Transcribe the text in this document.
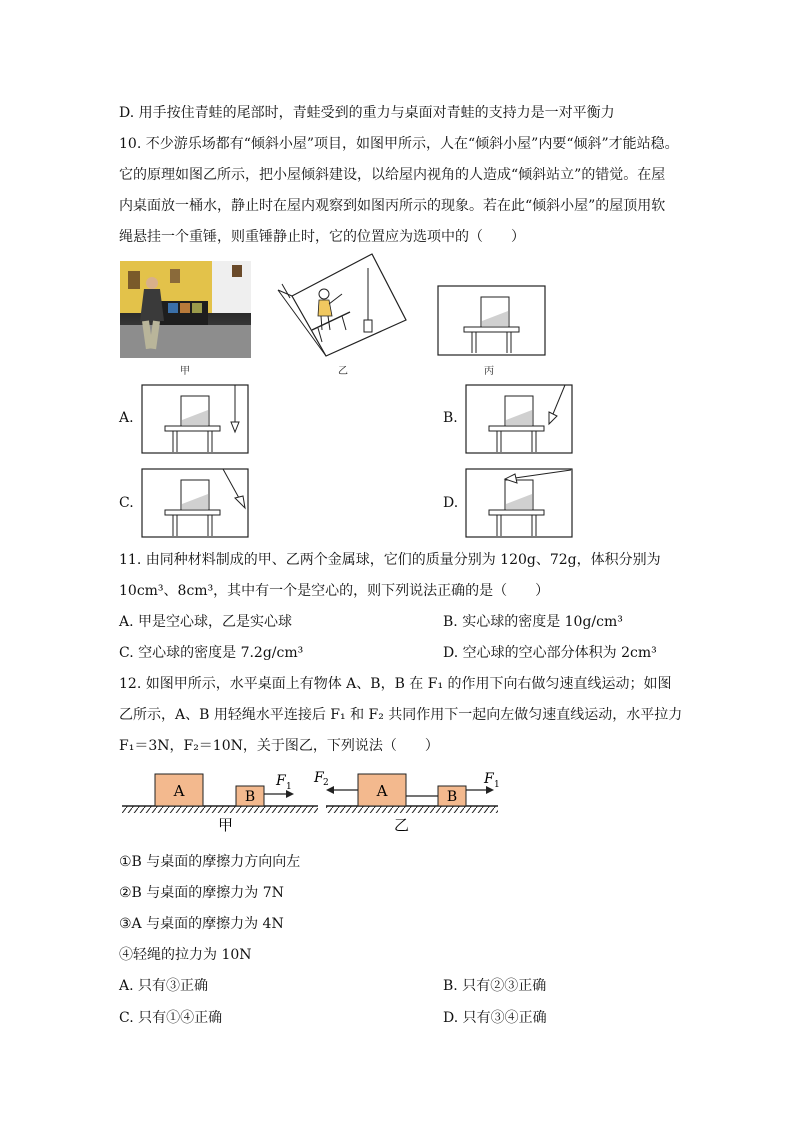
D. 用手按住青蛙的尾部时，青蛙受到的重力与桌面对青蛙的支持力是一对平衡力
10. 不少游乐场都有“倾斜小屋”项目，如图甲所示，人在“倾斜小屋”内要“倾斜”才能站稳。
它的原理如图乙所示，把小屋倾斜建设，以给屋内视角的人造成“倾斜站立”的错觉。在屋
内桌面放一桶水，静止时在屋内观察到如图丙所示的现象。若在此“倾斜小屋”的屋顶用软
绳悬挂一个重锤，则重锤静止时，它的位置应为选项中的（　　）
甲	乙	丙
A.	B.
C.	D.
11. 由同种材料制成的甲、乙两个金属球，它们的质量分别为 120g、72g，体积分别为
10cm³、8cm³，其中有一个是空心的，则下列说法正确的是（　　）
A. 甲是空心球，乙是实心球	B. 实心球的密度是 10g/cm³
C. 空心球的密度是 7.2g/cm³	D. 空心球的空心部分体积为 2cm³
12. 如图甲所示，水平桌面上有物体 A、B，B 在 F₁ 的作用下向右做匀速直线运动；如图
乙所示，A、B 用轻绳水平连接后 F₁ 和 F₂ 共同作用下一起向左做匀速直线运动，水平拉力
F₁＝3N，F₂＝10N，关于图乙，下列说法（　　）
A	B
F 1
甲
F 2	A	B
F 1
乙
①B 与桌面的摩擦力方向向左
②B 与桌面的摩擦力为 7N
③A 与桌面的摩擦力为 4N
④轻绳的拉力为 10N
A. 只有③正确	B. 只有②③正确
C. 只有①④正确	D. 只有③④正确
